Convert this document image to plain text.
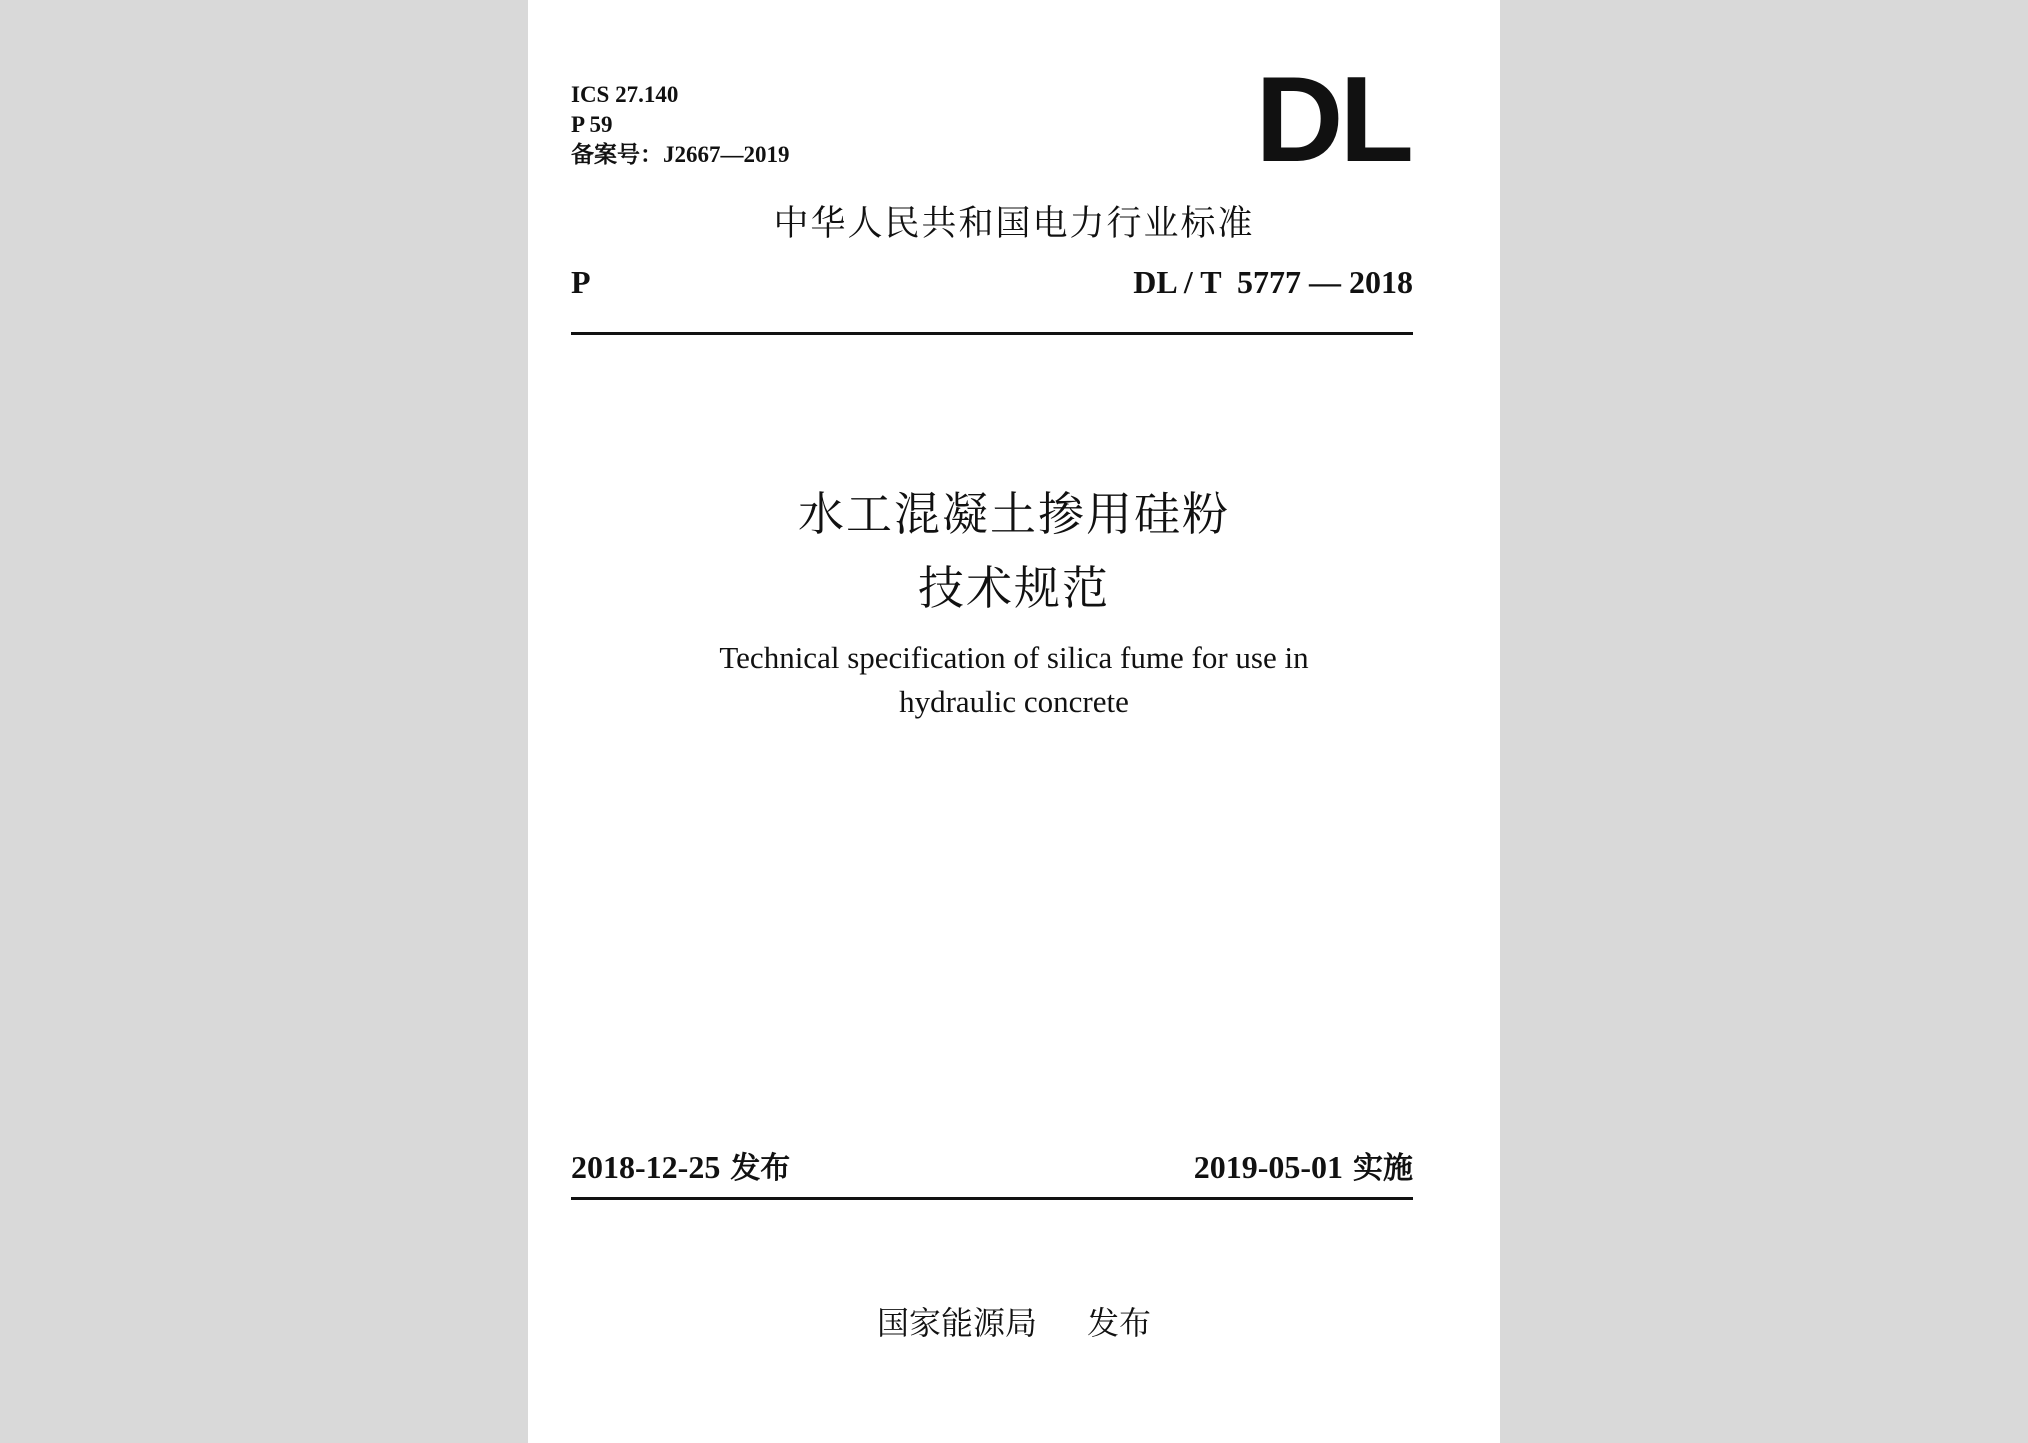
ICS 27.140
P 59
备案号：J2667—2019	DL
中华人民共和国电力行业标准
P	DL / T  5777 — 2018
水工混凝土掺用硅粉
技术规范
Technical specification of silica fume for use in
hydraulic concrete
2018-12-25 发布	2019-05-01 实施
国家能源局 发布
